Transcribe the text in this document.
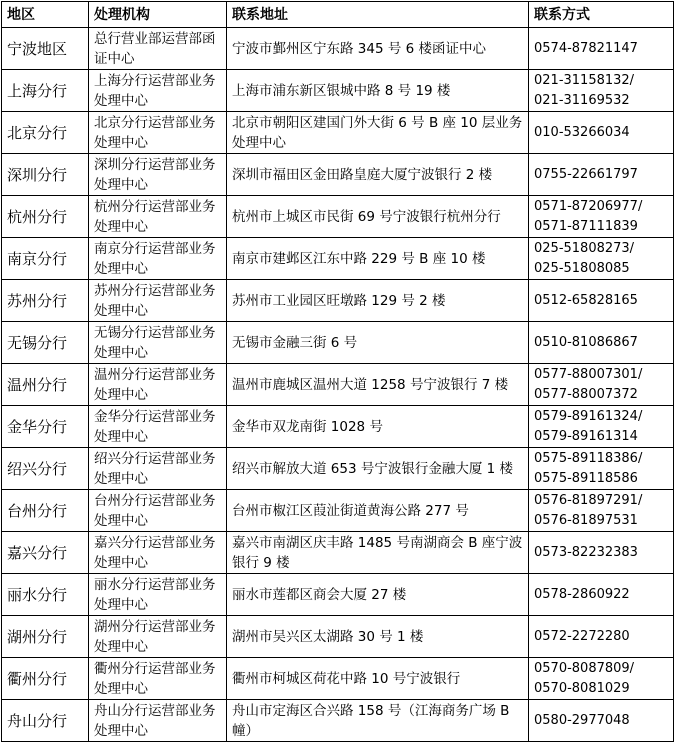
地区	处理机构	联系地址	联系方式
宁波地区	总行营业部运营部函证中心	宁波市鄞州区宁东路 345 号 6 楼函证中心	0574-87821147

上海分行	上海分行运营部业务处理中心	上海市浦东新区银城中路 8 号 19 楼	021-31158132/
021-31169532

北京分行	北京分行运营部业务处理中心	北京市朝阳区建国门外大街 6 号 B 座 10 层业务处理中心	010-53266034

深圳分行	深圳分行运营部业务处理中心	深圳市福田区金田路皇庭大厦宁波银行 2 楼	0755-22661797

杭州分行	杭州分行运营部业务处理中心	杭州市上城区市民街 69 号宁波银行杭州分行	0571-87206977/
0571-87111839

南京分行	南京分行运营部业务处理中心	南京市建邺区江东中路 229 号 B 座 10 楼	025-51808273/
025-51808085

苏州分行	苏州分行运营部业务处理中心	苏州市工业园区旺墩路 129 号 2 楼	0512-65828165

无锡分行	无锡分行运营部业务处理中心	无锡市金融三街 6 号	0510-81086867

温州分行	温州分行运营部业务处理中心	温州市鹿城区温州大道 1258 号宁波银行 7 楼	0577-88007301/
0577-88007372

金华分行	金华分行运营部业务处理中心	金华市双龙南街 1028 号	0579-89161324/
0579-89161314

绍兴分行	绍兴分行运营部业务处理中心	绍兴市解放大道 653 号宁波银行金融大厦 1 楼	0575-89118386/
0575-89118586

台州分行	台州分行运营部业务处理中心	台州市椒江区葭沚街道黄海公路 277 号	0576-81897291/
0576-81897531

嘉兴分行	嘉兴分行运营部业务处理中心	嘉兴市南湖区庆丰路 1485 号南湖商会 B 座宁波银行 9 楼	0573-82232383

丽水分行	丽水分行运营部业务处理中心	丽水市莲都区商会大厦 27 楼	0578-2860922

湖州分行	湖州分行运营部业务处理中心	湖州市吴兴区太湖路 30 号 1 楼	0572-2272280

衢州分行	衢州分行运营部业务处理中心	衢州市柯城区荷花中路 10 号宁波银行	0570-8087809/
0570-8081029

舟山分行	舟山分行运营部业务处理中心	舟山市定海区合兴路 158 号（江海商务广场 B 幢）	0580-2977048
